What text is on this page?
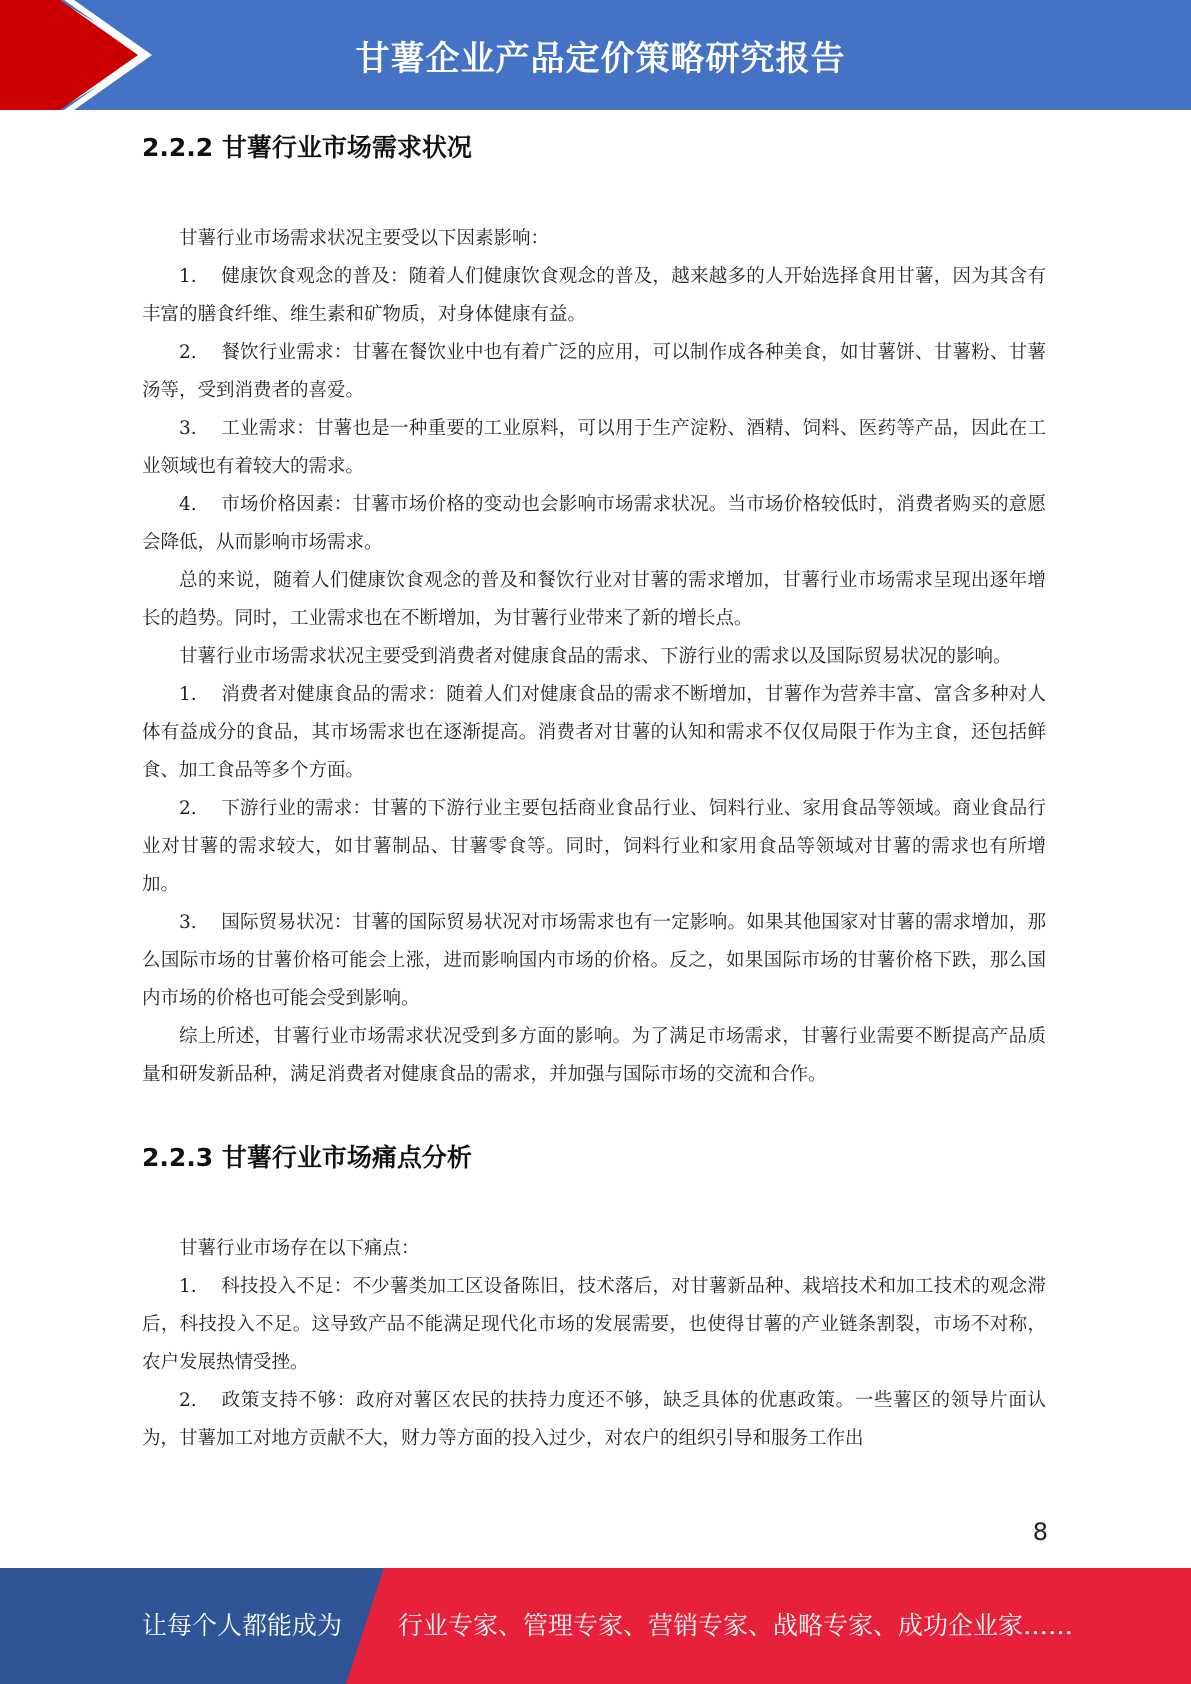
甘薯企业产品定价策略研究报告
2.2.2 甘薯行业市场需求状况

甘薯行业市场需求状况主要受以下因素影响：

1. 健康饮食观念的普及：随着人们健康饮食观念的普及，越来越多的人开始选择食用甘薯，因为其含有丰富的膳食纤维、维生素和矿物质，对身体健康有益。

2. 餐饮行业需求：甘薯在餐饮业中也有着广泛的应用，可以制作成各种美食，如甘薯饼、甘薯粉、甘薯汤等，受到消费者的喜爱。

3. 工业需求：甘薯也是一种重要的工业原料，可以用于生产淀粉、酒精、饲料、医药等产品，因此在工业领域也有着较大的需求。

4. 市场价格因素：甘薯市场价格的变动也会影响市场需求状况。当市场价格较低时，消费者购买的意愿会降低，从而影响市场需求。

总的来说，随着人们健康饮食观念的普及和餐饮行业对甘薯的需求增加，甘薯行业市场需求呈现出逐年增长的趋势。同时，工业需求也在不断增加，为甘薯行业带来了新的增长点。

甘薯行业市场需求状况主要受到消费者对健康食品的需求、下游行业的需求以及国际贸易状况的影响。

1. 消费者对健康食品的需求：随着人们对健康食品的需求不断增加，甘薯作为营养丰富、富含多种对人体有益成分的食品，其市场需求也在逐渐提高。消费者对甘薯的认知和需求不仅仅局限于作为主食，还包括鲜食、加工食品等多个方面。

2. 下游行业的需求：甘薯的下游行业主要包括商业食品行业、饲料行业、家用食品等领域。商业食品行业对甘薯的需求较大，如甘薯制品、甘薯零食等。同时，饲料行业和家用食品等领域对甘薯的需求也有所增加。

3. 国际贸易状况：甘薯的国际贸易状况对市场需求也有一定影响。如果其他国家对甘薯的需求增加，那么国际市场的甘薯价格可能会上涨，进而影响国内市场的价格。反之，如果国际市场的甘薯价格下跌，那么国内市场的价格也可能会受到影响。

综上所述，甘薯行业市场需求状况受到多方面的影响。为了满足市场需求，甘薯行业需要不断提高产品质量和研发新品种，满足消费者对健康食品的需求，并加强与国际市场的交流和合作。

2.2.3 甘薯行业市场痛点分析

甘薯行业市场存在以下痛点：

1. 科技投入不足：不少薯类加工区设备陈旧，技术落后，对甘薯新品种、栽培技术和加工技术的观念滞后，科技投入不足。这导致产品不能满足现代化市场的发展需要，也使得甘薯的产业链条割裂，市场不对称，农户发展热情受挫。

2. 政策支持不够：政府对薯区农民的扶持力度还不够，缺乏具体的优惠政策。一些薯区的领导片面认为，甘薯加工对地方贡献不大，财力等方面的投入过少，对农户的组织引导和服务工作出

8
让每个人都能成为 行业专家、管理专家、营销专家、战略专家、成功企业家……
